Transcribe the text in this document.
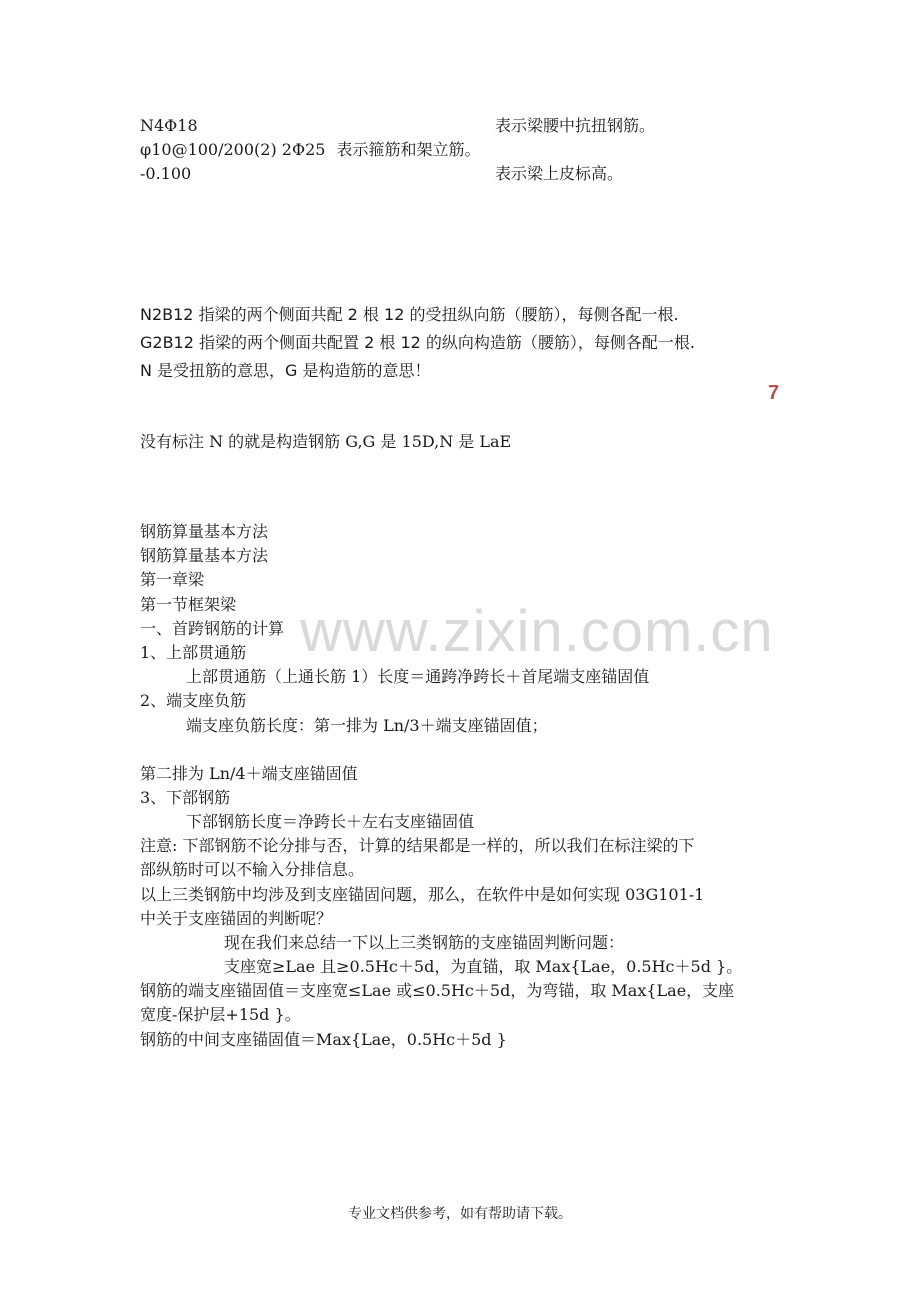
N4Φ18	表示梁腰中抗扭钢筋。
φ10@100/200(2) 2Φ25 表示箍筋和架立筋。
-0.100	表示梁上皮标高。
N2B12 指梁的两个侧面共配 2 根 12 的受扭纵向筋（腰筋），每侧各配一根.
G2B12 指梁的两个侧面共配置 2 根 12 的纵向构造筋（腰筋），每侧各配一根.
N 是受扭筋的意思，G 是构造筋的意思！
7
没有标注 N 的就是构造钢筋 G,G 是 15D,N 是 LaE
www.zixin.com.cn
钢筋算量基本方法
钢筋算量基本方法
第一章梁
第一节框架梁
一、首跨钢筋的计算
1、上部贯通筋
上部贯通筋（上通长筋 1）长度＝通跨净跨长＋首尾端支座锚固值
2、端支座负筋
端支座负筋长度：第一排为 Ln/3＋端支座锚固值；
第二排为 Ln/4＋端支座锚固值
3、下部钢筋
下部钢筋长度＝净跨长＋左右支座锚固值
注意: 下部钢筋不论分排与否，计算的结果都是一样的，所以我们在标注梁的下
部纵筋时可以不输入分排信息。
以上三类钢筋中均涉及到支座锚固问题，那么，在软件中是如何实现 03G101-1
中关于支座锚固的判断呢？
现在我们来总结一下以上三类钢筋的支座锚固判断问题：
支座宽≥Lae 且≥0.5Hc＋5d，为直锚，取 Max{Lae，0.5Hc＋5d }。
钢筋的端支座锚固值＝支座宽≤Lae 或≤0.5Hc＋5d，为弯锚，取 Max{Lae，支座
宽度-保护层+15d }。
钢筋的中间支座锚固值＝Max{Lae，0.5Hc＋5d }
专业文档供参考，如有帮助请下载。
